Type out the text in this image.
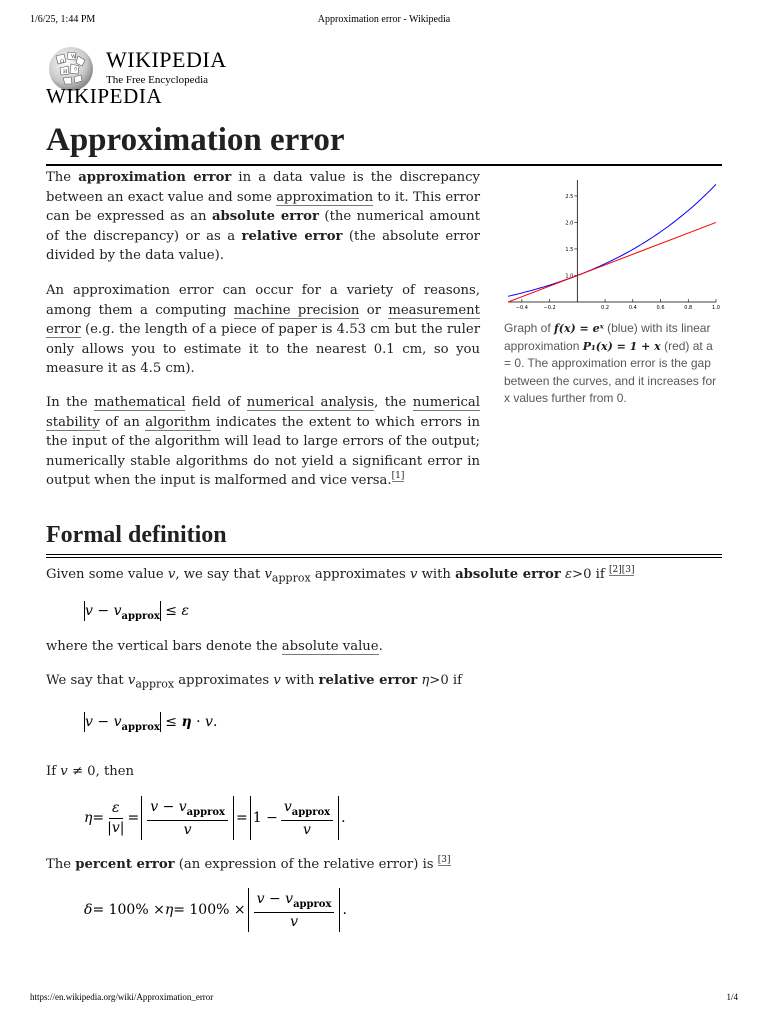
1/6/25, 1:44 PM	Approximation error - Wikipedia
Ω
W
И ウ WIKIPEDIA
The Free Encyclopedia
WIKIPEDIA
Approximation error

The approximation error in a data value is the discrepancy between an exact value and some approximation to it. This error can be expressed as an absolute error (the numerical amount of the discrepancy) or as a relative error (the absolute error divided by the data value).

An approximation error can occur for a variety of reasons, among them a computing machine precision or measurement error (e.g. the length of a piece of paper is 4.53 cm but the ruler only allows you to estimate it to the nearest 0.1 cm, so you measure it as 4.5 cm).

In the mathematical field of numerical analysis, the numerical stability of an algorithm indicates the extent to which errors in the input of the algorithm will lead to large errors of the output; numerically stable algorithms do not yield a significant error in output when the input is malformed and vice versa.[1]

−0.4	−0.2	0.2	0.4	0.6	0.8	1.0
1.0
1.5
2.0
2.5
Graph of f(x) = eˣ (blue) with its linear approximation P₁(x) = 1 + x (red) at a = 0. The approximation error is the gap between the curves, and it increases for x values further from 0.
Formal definition

Given some value v, we say that $v_{approx}$ approximates v with absolute error ε>0 if [2][3]

$v - v_{approx} \le \varepsilon$

where the vertical bars denote the absolute value.

We say that $v_{approx}$ approximates v with relative error η>0 if

$v - v_{approx} \le \eta \cdot v$.

If v ≠ 0, then

$\eta = \frac{\varepsilon}{|v|} = \frac{v - v_{approx}}{v} = 1 - \frac{v_{approx}}{v}$ .

The percent error (an expression of the relative error) is [3]

$\delta = 100\% \times \eta = 100\% \times \frac{v - v_{approx}}{v}$ .
https://en.wikipedia.org/wiki/Approximation_error	1/4
